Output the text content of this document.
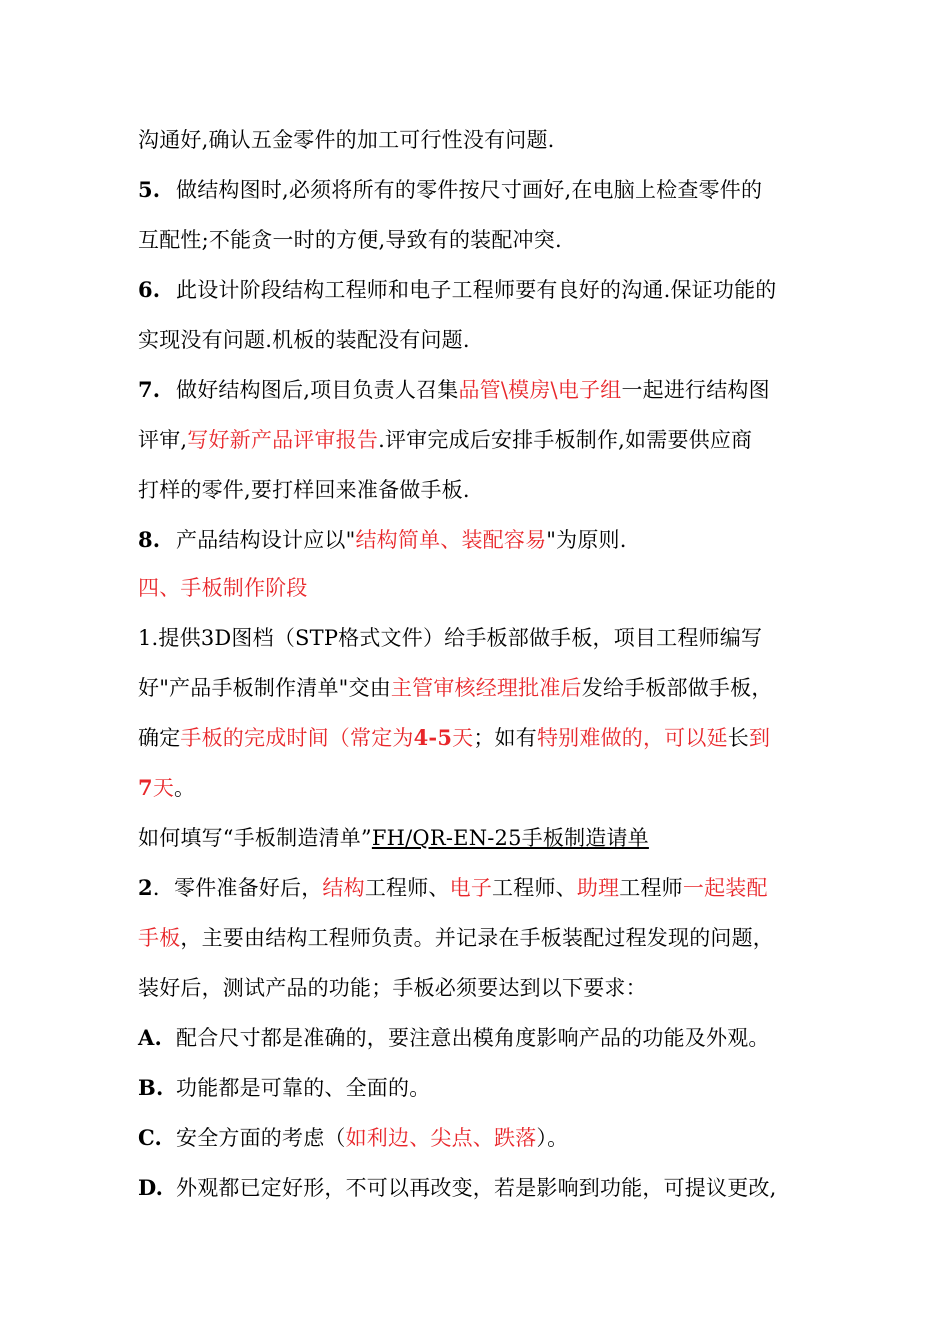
沟通好,确认五金零件的加工可行性没有问题.
5. 做结构图时,必须将所有的零件按尺寸画好,在电脑上检查零件的
互配性;不能贪一时的方便,导致有的装配冲突.
6. 此设计阶段结构工程师和电子工程师要有良好的沟通.保证功能的
实现没有问题.机板的装配没有问题.
7. 做好结构图后,项目负责人召集品管\模房\电子组一起进行结构图
评审,写好新产品评审报告.评审完成后安排手板制作,如需要供应商
打样的零件,要打样回来准备做手板.
8. 产品结构设计应以"结构简单、装配容易"为原则.
四、手板制作阶段
1.提供3D图档（STP格式文件）给手板部做手板，项目工程师编写
好"产品手板制作清单"交由主管审核经理批准后发给手板部做手板，
确定手板的完成时间（常定为4-5天；如有特别难做的，可以延长到
7天。
如何填写“手板制造清单”FH/QR-EN-25手板制造请单
2．零件准备好后，结构工程师、电子工程师、助理工程师一起装配
手板，主要由结构工程师负责。并记录在手板装配过程发现的问题，
装好后，测试产品的功能；手板必须要达到以下要求：
A. 配合尺寸都是准确的，要注意出模角度影响产品的功能及外观。
B. 功能都是可靠的、全面的。
C. 安全方面的考虑（如利边、尖点、跌落）。
D. 外观都已定好形，不可以再改变，若是影响到功能，可提议更改,
